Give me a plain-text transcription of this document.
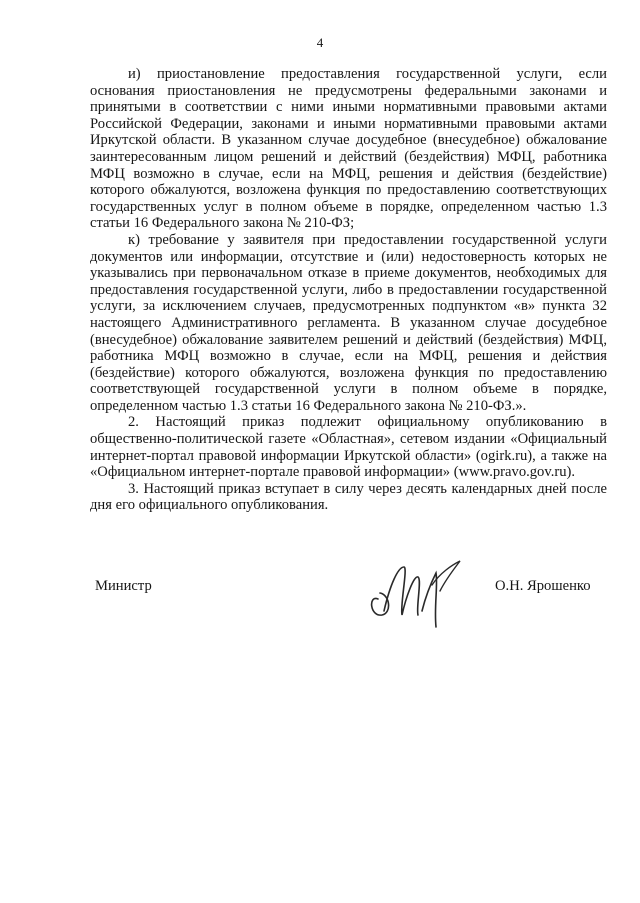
4

и) приостановление предоставления государственной услуги, если основания приостановления не предусмотрены федеральными законами и принятыми в соответствии с ними иными нормативными правовыми актами Российской Федерации, законами и иными нормативными правовыми актами Иркутской области. В указанном случае досудебное (внесудебное) обжалование заинтересованным лицом решений и действий (бездействия) МФЦ, работника МФЦ возможно в случае, если на МФЦ, решения и действия (бездействие) которого обжалуются, возложена функция по предоставлению соответствующих государственных услуг в полном объеме в порядке, определенном частью 1.3 статьи 16 Федерального закона № 210-ФЗ;

к) требование у заявителя при предоставлении государственной услуги документов или информации, отсутствие и (или) недостоверность которых не указывались при первоначальном отказе в приеме документов, необходимых для предоставления государственной услуги, либо в предоставлении государственной услуги, за исключением случаев, предусмотренных подпунктом «в» пункта 32 настоящего Административного регламента. В указанном случае досудебное (внесудебное) обжалование заявителем решений и действий (бездействия) МФЦ, работника МФЦ возможно в случае, если на МФЦ, решения и действия (бездействие) которого обжалуются, возложена функция по предоставлению соответствующей государственной услуги в полном объеме в порядке, определенном частью 1.3 статьи 16 Федерального закона № 210-ФЗ.».

2. Настоящий приказ подлежит официальному опубликованию в общественно-политической газете «Областная», сетевом издании «Официальный интернет-портал правовой информации Иркутской области» (ogirk.ru), а также на «Официальном интернет-портале правовой информации» (www.pravo.gov.ru).

3. Настоящий приказ вступает в силу через десять календарных дней после дня его официального опубликования.

Министр	О.Н. Ярошенко
